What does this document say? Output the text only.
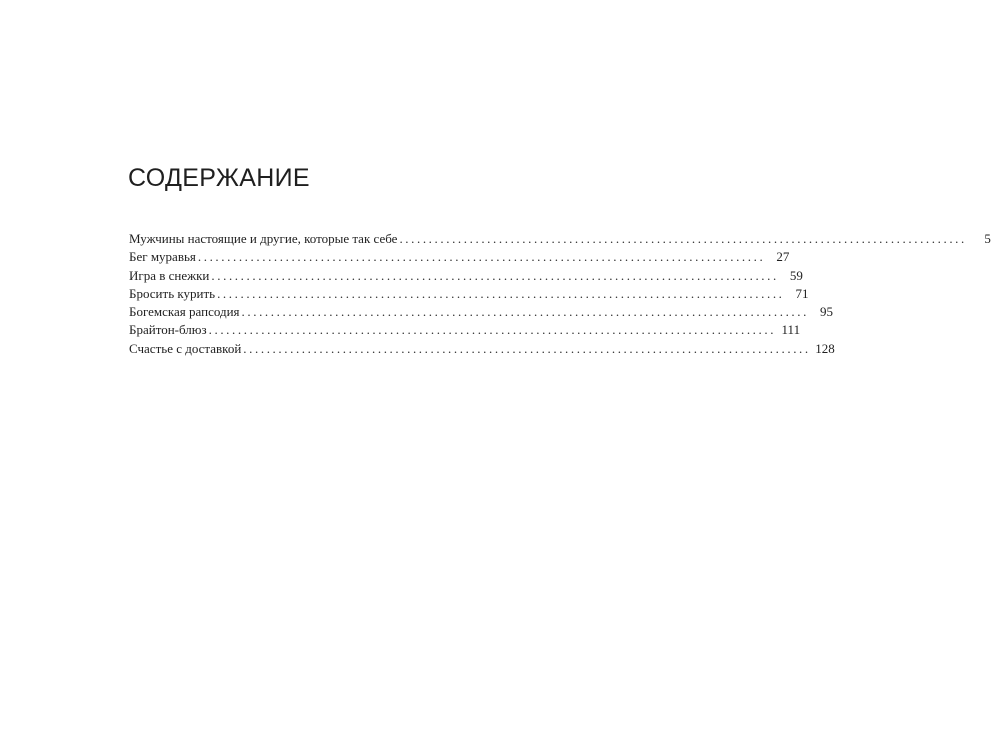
СОДЕРЖАНИЕ
Мужчины настоящие и другие, которые так себе .................................................................................................	5
Бег муравья ................................................................................................. 27
Игра в снежки ................................................................................................. 59
Бросить курить ................................................................................................. 71
Богемская рапсодия ................................................................................................. 95
Брайтон-блюз ................................................................................................. 111
Счастье с доставкой ................................................................................................. 128
